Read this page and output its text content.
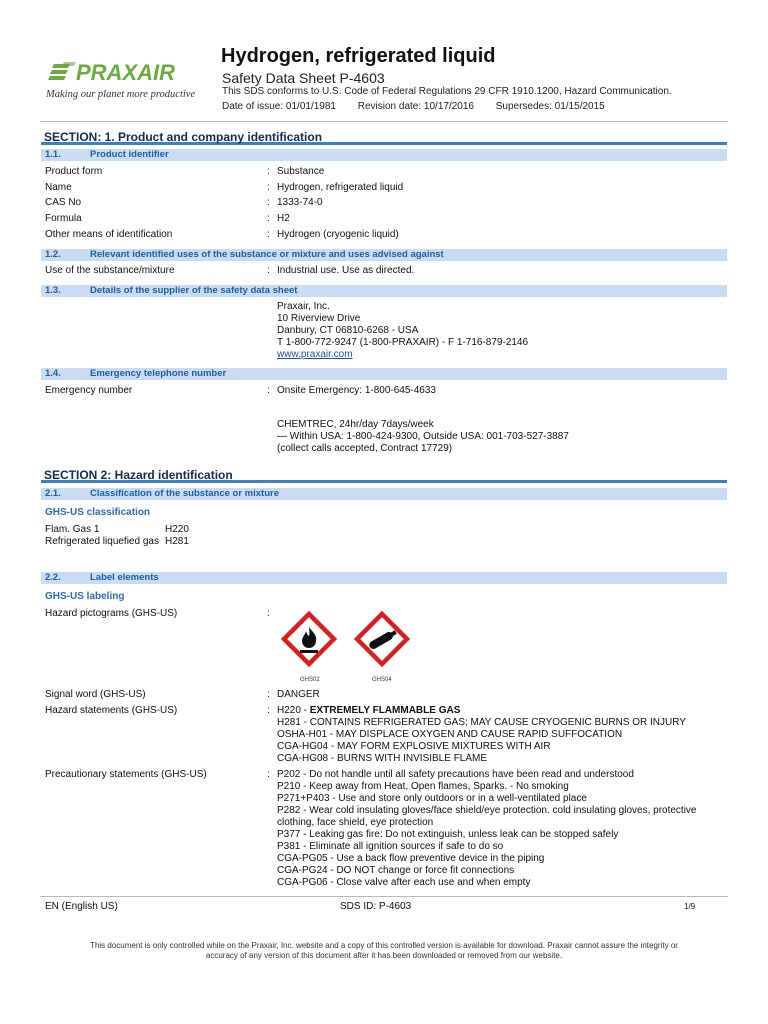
PRAXAIR
Making our planet more productive
Hydrogen, refrigerated liquid
Safety Data Sheet P-4603
This SDS conforms to U.S. Code of Federal Regulations 29 CFR 1910.1200, Hazard Communication.
Date of issue: 01/01/1981 Revision date: 10/17/2016 Supersedes: 01/15/2015
SECTION: 1. Product and company identification
1.1.	Product identifier
Product form	: Substance
Name	: Hydrogen, refrigerated liquid
CAS No	: 1333-74-0
Formula	: H2
Other means of identification	: Hydrogen (cryogenic liquid)
1.2.	Relevant identified uses of the substance or mixture and uses advised against
Use of the substance/mixture	: Industrial use. Use as directed.
1.3.	Details of the supplier of the safety data sheet
Praxair, Inc.
10 Riverview Drive
Danbury, CT 06810-6268 - USA
T 1-800-772-9247 (1-800-PRAXAIR) - F 1-716-879-2146
www.praxair.com
1.4.	Emergency telephone number
Emergency number	: Onsite Emergency: 1-800-645-4633
CHEMTREC, 24hr/day 7days/week
— Within USA: 1-800-424-9300, Outside USA: 001-703-527-3887
(collect calls accepted, Contract 17729)
SECTION 2: Hazard identification
2.1.	Classification of the substance or mixture
GHS-US classification
Flam. Gas 1	H220
Refrigerated liquefied gas H281
2.2.	Label elements
GHS-US labeling
Hazard pictograms (GHS-US)	:
GHS02	GHS04
Signal word (GHS-US)	: DANGER
Hazard statements (GHS-US)	: H220 - EXTREMELY FLAMMABLE GAS
H281 - CONTAINS REFRIGERATED GAS; MAY CAUSE CRYOGENIC BURNS OR INJURY
OSHA-H01 - MAY DISPLACE OXYGEN AND CAUSE RAPID SUFFOCATION
CGA-HG04 - MAY FORM EXPLOSIVE MIXTURES WITH AIR
CGA-HG08 - BURNS WITH INVISIBLE FLAME
Precautionary statements (GHS-US)	: P202 - Do not handle until all safety precautions have been read and understood
P210 - Keep away from Heat, Open flames, Sparks. - No smoking
P271+P403 - Use and store only outdoors or in a well-ventilated place
P282 - Wear cold insulating gloves/face shield/eye protection. cold insulating gloves, protective
clothing, face shield, eye protection
P377 - Leaking gas fire: Do not extinguish, unless leak can be stopped safely
P381 - Eliminate all ignition sources if safe to do so
CGA-PG05 - Use a back flow preventive device in the piping
CGA-PG24 - DO NOT change or force fit connections
CGA-PG06 - Close valve after each use and when empty
EN (English US)	SDS ID: P-4603	1/9
This document is only controlled while on the Praxair, Inc. website and a copy of this controlled version is available for download. Praxair cannot assure the integrity or
accuracy of any version of this document after it has been downloaded or removed from our website.
